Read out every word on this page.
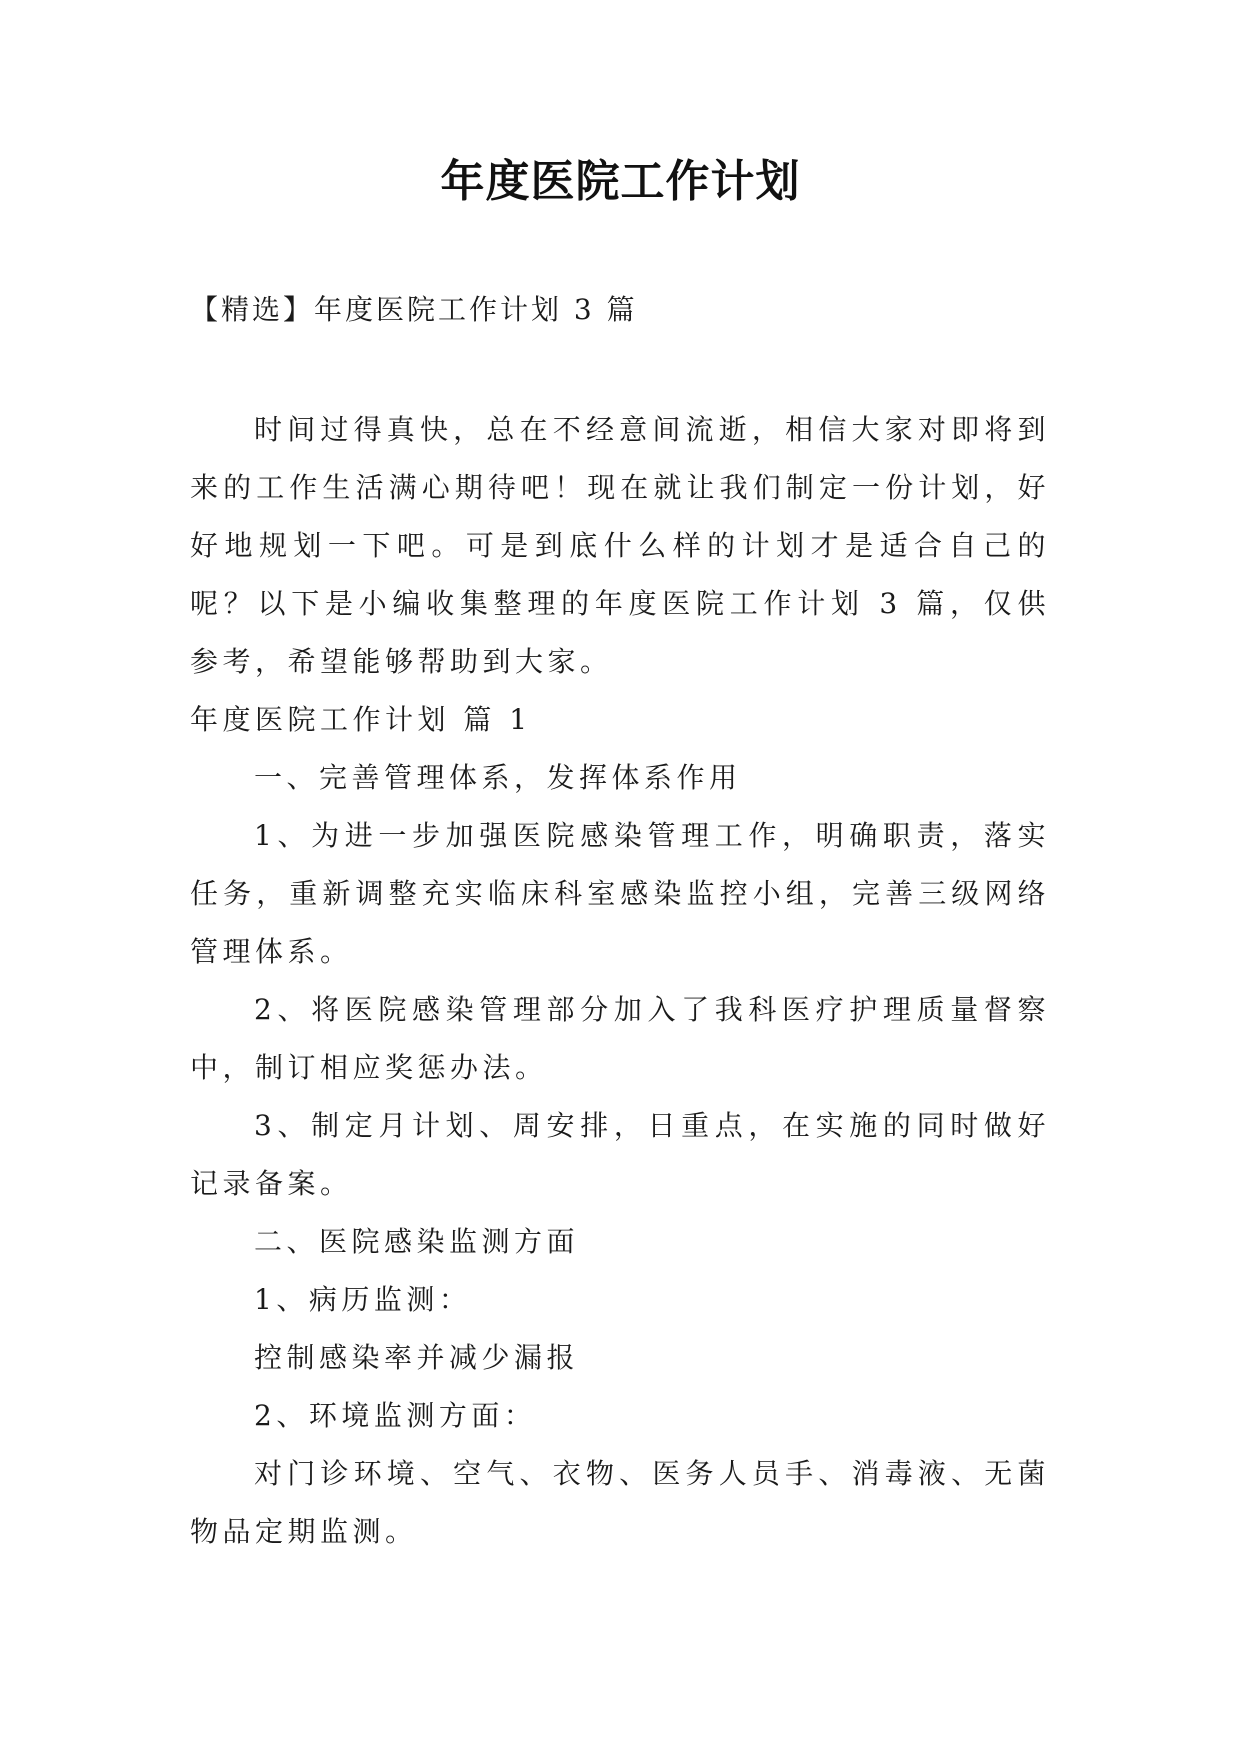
年度医院工作计划

【精选】年度医院工作计划 3 篇

时间过得真快，总在不经意间流逝，相信大家对即将到来的工作生活满心期待吧！现在就让我们制定一份计划，好好地规划一下吧。可是到底什么样的计划才是适合自己的呢？以下是小编收集整理的年度医院工作计划 3 篇，仅供参考，希望能够帮助到大家。

年度医院工作计划 篇 1

一、完善管理体系，发挥体系作用

1、为进一步加强医院感染管理工作，明确职责，落实任务，重新调整充实临床科室感染监控小组，完善三级网络管理体系。

2、将医院感染管理部分加入了我科医疗护理质量督察中，制订相应奖惩办法。

3、制定月计划、周安排，日重点，在实施的同时做好记录备案。

二、医院感染监测方面

1、病历监测：

控制感染率并减少漏报

2、环境监测方面：

对门诊环境、空气、衣物、医务人员手、消毒液、无菌物品定期监测。
